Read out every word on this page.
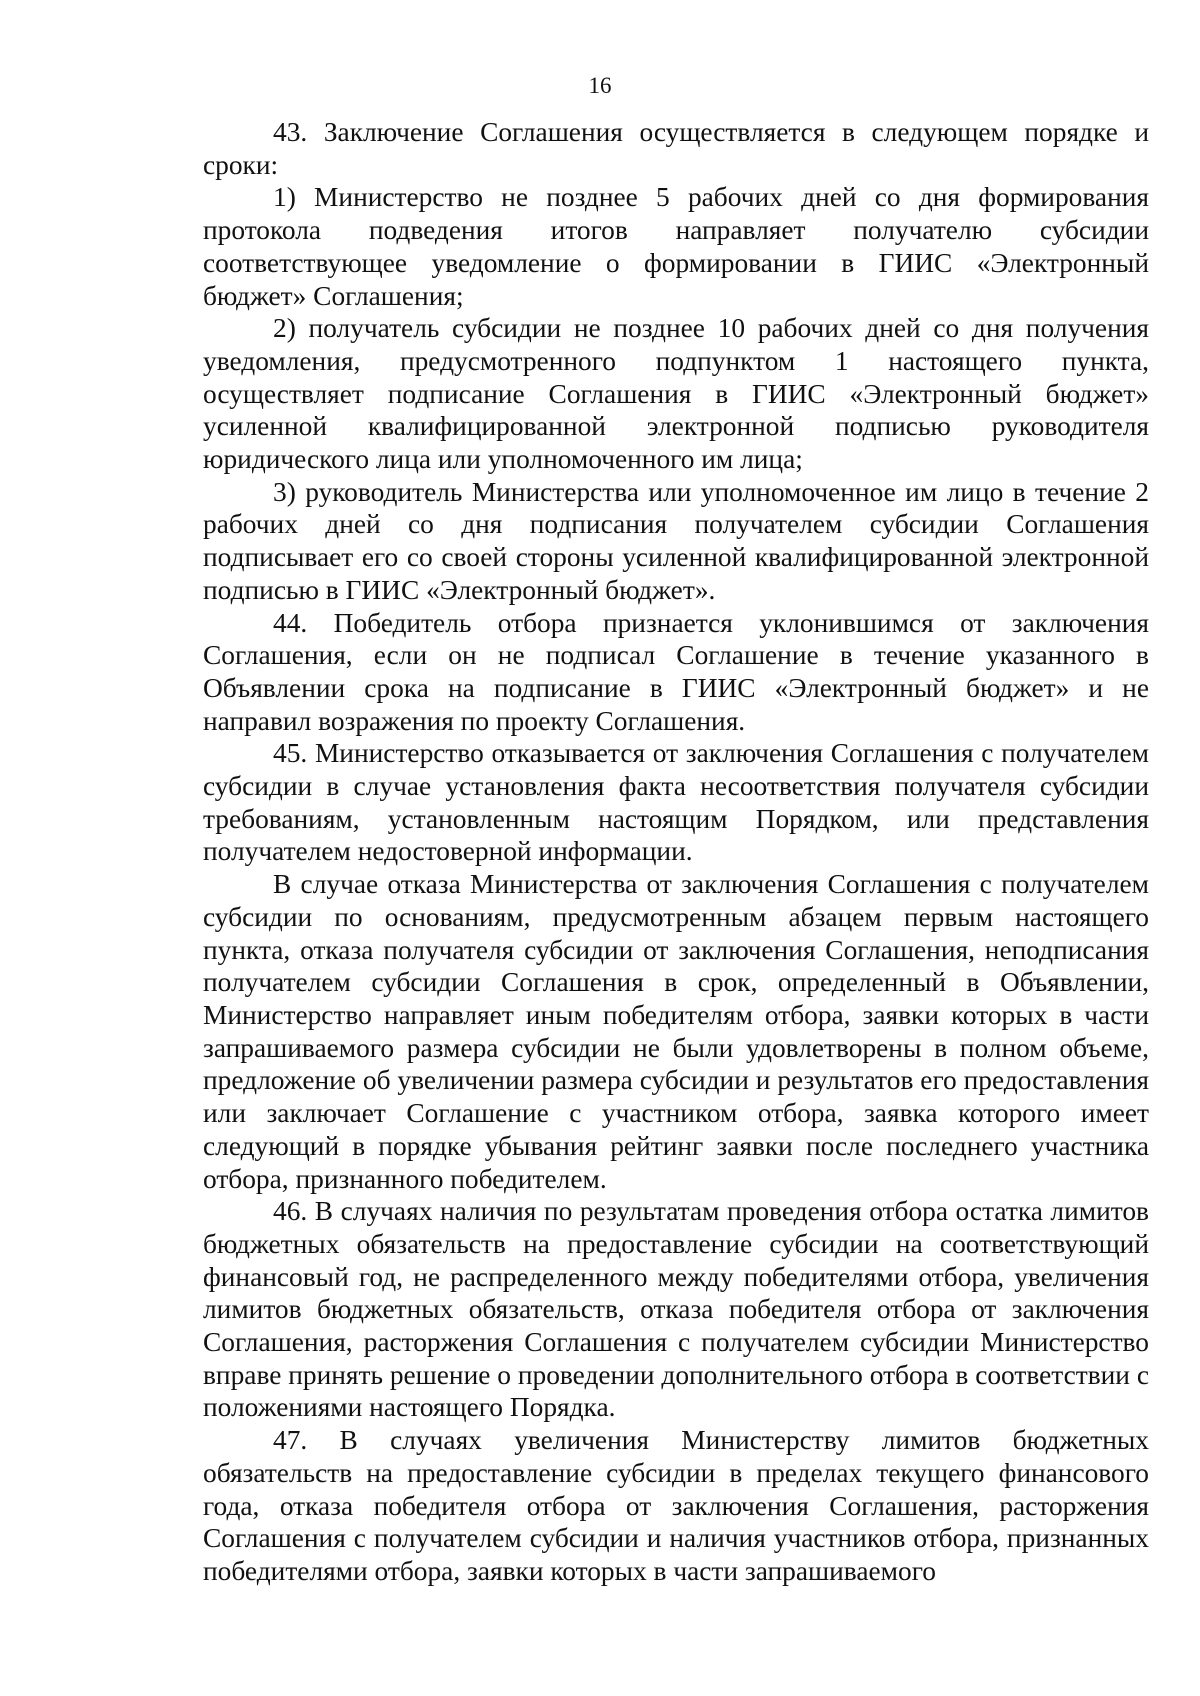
16

43. Заключение Соглашения осуществляется в следующем порядке и сроки:

1) Министерство не позднее 5 рабочих дней со дня формирования протокола подведения итогов направляет получателю субсидии соответствующее уведомление о формировании в ГИИС «Электронный бюджет» Соглашения;

2) получатель субсидии не позднее 10 рабочих дней со дня получения уведомления, предусмотренного подпунктом 1 настоящего пункта, осуществляет подписание Соглашения в ГИИС «Электронный бюджет» усиленной квалифицированной электронной подписью руководителя юридического лица или уполномоченного им лица;

3) руководитель Министерства или уполномоченное им лицо в течение 2 рабочих дней со дня подписания получателем субсидии Соглашения подписывает его со своей стороны усиленной квалифицированной электронной подписью в ГИИС «Электронный бюджет».

44. Победитель отбора признается уклонившимся от заключения Соглашения, если он не подписал Соглашение в течение указанного в Объявлении срока на подписание в ГИИС «Электронный бюджет» и не направил возражения по проекту Соглашения.

45. Министерство отказывается от заключения Соглашения с получателем субсидии в случае установления факта несоответствия получателя субсидии требованиям, установленным настоящим Порядком, или представления получателем недостоверной информации.

В случае отказа Министерства от заключения Соглашения с получателем субсидии по основаниям, предусмотренным абзацем первым настоящего пункта, отказа получателя субсидии от заключения Соглашения, неподписания получателем субсидии Соглашения в срок, определенный в Объявлении, Министерство направляет иным победителям отбора, заявки которых в части запрашиваемого размера субсидии не были удовлетворены в полном объеме, предложение об увеличении размера субсидии и результатов его предоставления или заключает Соглашение с участником отбора, заявка которого имеет следующий в порядке убывания рейтинг заявки после последнего участника отбора, признанного победителем.

46. В случаях наличия по результатам проведения отбора остатка лимитов бюджетных обязательств на предоставление субсидии на соответствующий финансовый год, не распределенного между победителями отбора, увеличения лимитов бюджетных обязательств, отказа победителя отбора от заключения Соглашения, расторжения Соглашения с получателем субсидии Министерство вправе принять решение о проведении дополнительного отбора в соответствии с положениями настоящего Порядка.

47. В случаях увеличения Министерству лимитов бюджетных обязательств на предоставление субсидии в пределах текущего финансового года, отказа победителя отбора от заключения Соглашения, расторжения Соглашения с получателем субсидии и наличия участников отбора, признанных победителями отбора, заявки которых в части запрашиваемого
